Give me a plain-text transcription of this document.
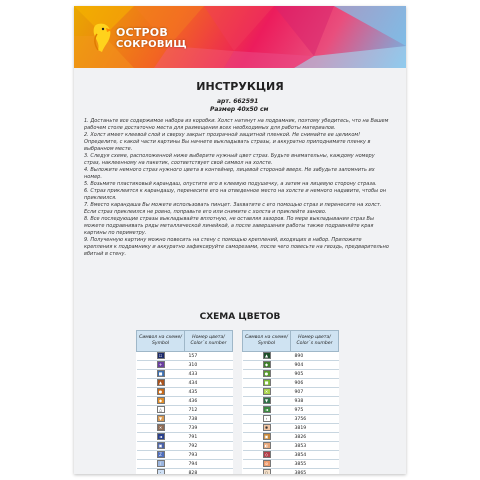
ОСТРОВ
СОКРОВИЩ
ИНСТРУКЦИЯ
арт. 662591
Размер 40х50 см

1. Достаньте все содержимое набора из коробки. Холст натянут на подрамник, поэтому убедитесь, что на Вашем рабочем столе достаточно места для размещения всех необходимых для работы материалов.

2. Холст имеет клеевой слой и сверху закрыт прозрачной защитной пленкой. Не снимайте ее целиком! Определите, с какой части картины Вы начнете выкладывать стразы, и аккуратно приподнимите пленку в выбранном месте.

3. Следуя схеме, расположенной ниже выберите нужный цвет страз. Будьте внимательны, каждому номеру страз, наклеенному на пакетик, соответствует свой символ на холсте.

4. Выложите немного страз нужного цвета в контейнер, лицевой стороной вверх. Не забудьте запомнить их номер.

5. Возьмите пластиковый карандаш, опустите его в клеевую подушечку, а затем на лицевую сторону страза.

6. Страз приклеится к карандашу, перенесите его на отведенное место на холсте и немного надавите, чтобы он приклеился.

7. Вместо карандаша Вы можете использовать пинцет. Захватите с его помощью страз и перенесите на холст. Если страз приклеился не ровно, поправьте его или снимите с холста и приклейте заново.

8. Все последующие стразы выкладывайте вплотную, не оставляя зазоров. По мере выкладывания страз Вы можете подравнивать ряды металлической линейкой, а после завершения работы также подравняйте края картины по периметру.

9. Полученную картину можно повесить на стену с помощью креплений, входящих в набор. Приложите крепления к подрамнику и аккуратно зафиксируйте саморезами, после чего повесьте на гвоздь, предварительно вбитый в стену.

СХЕМА ЦВЕТОВ
Символ на схеме/ Symbol	Номер цвета/ Color`s number
☐	157
+	310
■	433
▲	434
●	435
◆	436
△	712
▼	738
✕	739
◄	791
▣	792
Z	793
/	794
-	828
Символ на схеме/ Symbol	Номер цвета/ Color`s number
▲	890
◆	904
●	905
■	906
✕	907
▼	938
◄	975
‹	3756
✱	3819
▣	3826
◐	3853
◇	3854
⊘	3855
○	3865
